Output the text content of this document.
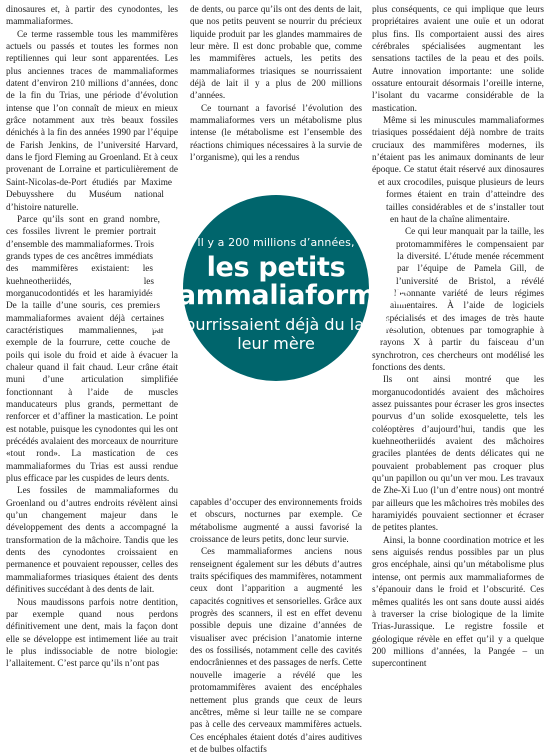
dinosaures et, à partir des cynodontes, les mammaliaformes.

Ce terme rassemble tous les mammifères actuels ou passés et toutes les formes non reptiliennes qui leur sont apparentées. Les plus anciennes traces de mammaliaformes datent d’environ 210 millions d’années, donc de la fin du Trias, une période d’évolution intense que l’on connaît de mieux en mieux grâce notamment aux très beaux fossiles dénichés à la fin des années 1990 par l’équipe de Farish Jenkins, de l’université Harvard, dans le fjord Fleming au Groenland. Et à ceux provenant de Lorraine et particulièrement de Saint-Nicolas-de-Port étudiés par Maxime Debuysshere du Muséum national d’histoire naturelle.

Parce qu’ils sont en grand nombre, ces fossiles livrent le premier portrait d’ensemble des mammaliaformes. Trois grands types de ces ancêtres immédiats des mammifères existaient: les kuehneotheriidés, les morganucodontidés et les haramiyidés. De la taille d’une souris, ces premiers mammaliaformes avaient déjà certaines caractéristiques mammaliennes, par exemple de la fourrure, cette couche de poils qui isole du froid et aide à évacuer la chaleur quand il fait chaud. Leur crâne était muni d’une articulation simplifiée fonctionnant à l’aide de muscles manducateurs plus grands, permettant de renforcer et d’affiner la mastication. Le point est notable, puisque les cynodontes qui les ont précédés avalaient des morceaux de nourriture «tout rond». La mastication de ces mammaliaformes du Trias est aussi rendue plus efficace par les cuspides de leurs dents.

Les fossiles de mammaliaformes du Groenland ou d’autres endroits révèlent ainsi qu’un changement majeur dans le développement des dents a accompagné la transformation de la mâchoire. Tandis que les dents des cynodontes croissaient en permanence et pouvaient repousser, celles des mammaliaformes triasiques étaient des dents définitives succédant à des dents de lait.

Nous maudissons parfois notre dentition, par exemple quand nous perdons définitivement une dent, mais la façon dont elle se développe est intimement liée au trait le plus indissociable de notre biologie: l’allaitement. C’est parce qu’ils n’ont pas

de dents, ou parce qu’ils ont des dents de lait, que nos petits peuvent se nourrir du précieux liquide produit par les glandes mammaires de leur mère. Il est donc probable que, comme les mammifères actuels, les petits des mammaliaformes triasiques se nourrissaient déjà de lait il y a plus de 200 millions d’années.

Ce tournant a favorisé l’évolution des mammaliaformes vers un métabolisme plus intense (le métabolisme est l’ensemble des réactions chimiques nécessaires à la survie de l’organisme), qui les a rendus

capables d’occuper des environnements froids et obscurs, nocturnes par exemple. Ce métabolisme augmenté a aussi favorisé la croissance de leurs petits, donc leur survie.

Ces mammaliaformes anciens nous renseignent également sur les débuts d’autres traits spécifiques des mammifères, notamment ceux dont l’apparition a augmenté les capacités cognitives et sensorielles. Grâce aux progrès des scanners, il est en effet devenu possible depuis une dizaine d’années de visualiser avec précision l’anatomie interne des os fossilisés, notamment celle des cavités endocrâniennes et des passages de nerfs. Cette nouvelle imagerie a révélé que les protomammifères avaient des encéphales nettement plus grands que ceux de leurs ancêtres, même si leur taille ne se compare pas à celle des cerveaux mammifères actuels. Ces encéphales étaient dotés d’aires auditives et de bulbes olfactifs

plus conséquents, ce qui implique que leurs propriétaires avaient une ouïe et un odorat plus fins. Ils comportaient aussi des aires cérébrales spécialisées augmentant les sensations tactiles de la peau et des poils. Autre innovation importante: une solide ossature entourait désormais l’oreille interne, l’isolant du vacarme considérable de la mastication.

Même si les minuscules mammaliaformes triasiques possédaient déjà nombre de traits cruciaux des mammifères modernes, ils n’étaient pas les animaux dominants de leur époque. Ce statut était réservé aux dinosaures et aux crocodiles, puisque plusieurs de leurs formes étaient en train d’atteindre des tailles considérables et de s’installer tout en haut de la chaîne alimentaire.

Ce qui leur manquait par la taille, les protomammifères le compensaient par la diversité. L’étude menée récemment par l’équipe de Pamela Gill, de l’université de Bristol, a révélé l’étonnante variété de leurs régimes alimentaires. À l’aide de logiciels spécialisés et des images de très haute résolution, obtenues par tomographie à rayons X à partir du faisceau d’un synchrotron, ces chercheurs ont modélisé les fonctions des dents.

Ils ont ainsi montré que les morganucodontidés avaient des mâchoires assez puissantes pour écraser les gros insectes pourvus d’un solide exosquelette, tels les coléoptères d’aujourd’hui, tandis que les kuehneotheriidés avaient des mâchoires graciles plantées de dents délicates qui ne pouvaient probablement pas croquer plus qu’un papillon ou qu’un ver mou. Les travaux de Zhe-Xi Luo (l’un d’entre nous) ont montré par ailleurs que les mâchoires très mobiles des haramiyidés pouvaient sectionner et écraser de petites plantes.

Ainsi, la bonne coordination motrice et les sens aiguisés rendus possibles par un plus gros encéphale, ainsi qu’un métabolisme plus intense, ont permis aux mammaliaformes de s’épanouir dans le froid et l’obscurité. Ces mêmes qualités les ont sans doute aussi aidés à traverser la crise biologique de la limite Trias-Jurassique. Le registre fossile et géologique révèle en effet qu’il y a quelque 200 millions d’années, la Pangée – un supercontinent

Il y a 200 millions d’années,
les petits mammaliaformes
se nourrissaient déjà du lait de leur mère
